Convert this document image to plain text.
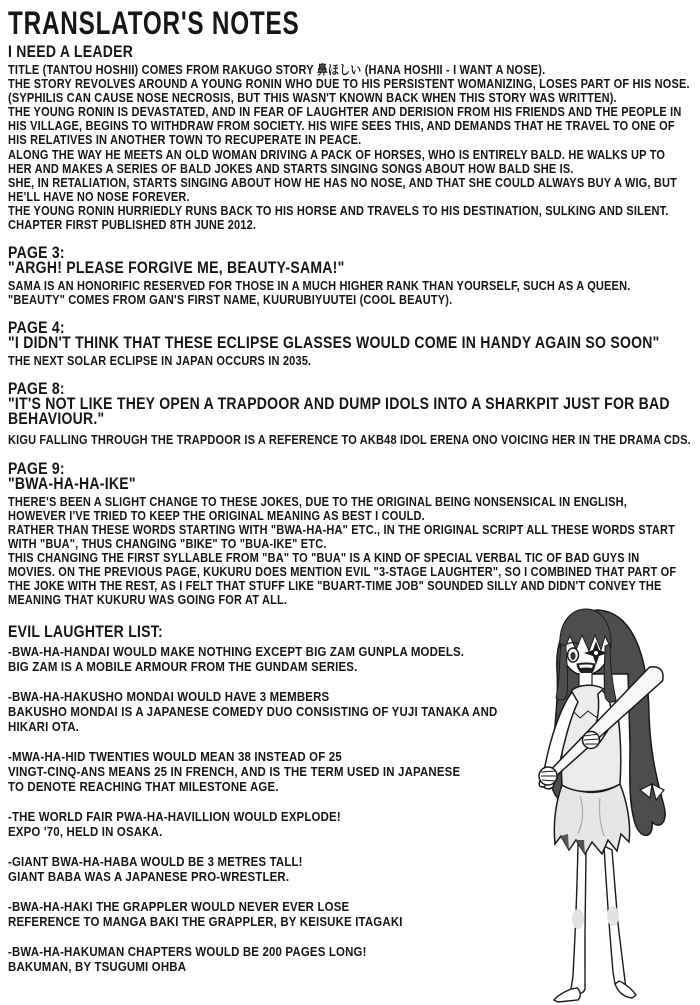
TRANSLATOR'S NOTES
I NEED A LEADER
TITLE (TANTOU HOSHII) COMES FROM RAKUGO STORY 鼻ほしい (HANA HOSHII - I WANT A NOSE).
THE STORY REVOLVES AROUND A YOUNG RONIN WHO DUE TO HIS PERSISTENT WOMANIZING, LOSES PART OF HIS NOSE.
(SYPHILIS CAN CAUSE NOSE NECROSIS, BUT THIS WASN'T KNOWN BACK WHEN THIS STORY WAS WRITTEN).
THE YOUNG RONIN IS DEVASTATED, AND IN FEAR OF LAUGHTER AND DERISION FROM HIS FRIENDS AND THE PEOPLE IN
HIS VILLAGE, BEGINS TO WITHDRAW FROM SOCIETY. HIS WIFE SEES THIS, AND DEMANDS THAT HE TRAVEL TO ONE OF
HIS RELATIVES IN ANOTHER TOWN TO RECUPERATE IN PEACE.
ALONG THE WAY HE MEETS AN OLD WOMAN DRIVING A PACK OF HORSES, WHO IS ENTIRELY BALD. HE WALKS UP TO
HER AND MAKES A SERIES OF BALD JOKES AND STARTS SINGING SONGS ABOUT HOW BALD SHE IS.
SHE, IN RETALIATION, STARTS SINGING ABOUT HOW HE HAS NO NOSE, AND THAT SHE COULD ALWAYS BUY A WIG, BUT
HE'LL HAVE NO NOSE FOREVER.
THE YOUNG RONIN HURRIEDLY RUNS BACK TO HIS HORSE AND TRAVELS TO HIS DESTINATION, SULKING AND SILENT.
CHAPTER FIRST PUBLISHED 8TH JUNE 2012.
PAGE 3:
"ARGH! PLEASE FORGIVE ME, BEAUTY-SAMA!"
SAMA IS AN HONORIFIC RESERVED FOR THOSE IN A MUCH HIGHER RANK THAN YOURSELF, SUCH AS A QUEEN.
"BEAUTY" COMES FROM GAN'S FIRST NAME, KUURUBIYUUTEI (COOL BEAUTY).
PAGE 4:
"I DIDN'T THINK THAT THESE ECLIPSE GLASSES WOULD COME IN HANDY AGAIN SO SOON"
THE NEXT SOLAR ECLIPSE IN JAPAN OCCURS IN 2035.
PAGE 8:
"IT'S NOT LIKE THEY OPEN A TRAPDOOR AND DUMP IDOLS INTO A SHARKPIT JUST FOR BAD
BEHAVIOUR."
KIGU FALLING THROUGH THE TRAPDOOR IS A REFERENCE TO AKB48 IDOL ERENA ONO VOICING HER IN THE DRAMA CDS.
PAGE 9:
"BWA-HA-HA-IKE"
THERE'S BEEN A SLIGHT CHANGE TO THESE JOKES, DUE TO THE ORIGINAL BEING NONSENSICAL IN ENGLISH,
HOWEVER I'VE TRIED TO KEEP THE ORIGINAL MEANING AS BEST I COULD.
RATHER THAN THESE WORDS STARTING WITH "BWA-HA-HA" ETC., IN THE ORIGINAL SCRIPT ALL THESE WORDS START
WITH "BUA", THUS CHANGING "BIKE" TO "BUA-IKE" ETC.
THIS CHANGING THE FIRST SYLLABLE FROM "BA" TO "BUA" IS A KIND OF SPECIAL VERBAL TIC OF BAD GUYS IN
MOVIES. ON THE PREVIOUS PAGE, KUKURU DOES MENTION EVIL "3-STAGE LAUGHTER", SO I COMBINED THAT PART OF
THE JOKE WITH THE REST, AS I FELT THAT STUFF LIKE "BUART-TIME JOB" SOUNDED SILLY AND DIDN'T CONVEY THE
MEANING THAT KUKURU WAS GOING FOR AT ALL.
EVIL LAUGHTER LIST:
-BWA-HA-HANDAI WOULD MAKE NOTHING EXCEPT BIG ZAM GUNPLA MODELS.
BIG ZAM IS A MOBILE ARMOUR FROM THE GUNDAM SERIES.
-BWA-HA-HAKUSHO MONDAI WOULD HAVE 3 MEMBERS
BAKUSHO MONDAI IS A JAPANESE COMEDY DUO CONSISTING OF YUJI TANAKA AND
HIKARI OTA.
-MWA-HA-HID TWENTIES WOULD MEAN 38 INSTEAD OF 25
VINGT-CINQ-ANS MEANS 25 IN FRENCH, AND IS THE TERM USED IN JAPANESE
TO DENOTE REACHING THAT MILESTONE AGE.
-THE WORLD FAIR PWA-HA-HAVILLION WOULD EXPLODE!
EXPO '70, HELD IN OSAKA.
-GIANT BWA-HA-HABA WOULD BE 3 METRES TALL!
GIANT BABA WAS A JAPANESE PRO-WRESTLER.
-BWA-HA-HAKI THE GRAPPLER WOULD NEVER EVER LOSE
REFERENCE TO MANGA BAKI THE GRAPPLER, BY KEISUKE ITAGAKI
-BWA-HA-HAKUMAN CHAPTERS WOULD BE 200 PAGES LONG!
BAKUMAN, BY TSUGUMI OHBA
